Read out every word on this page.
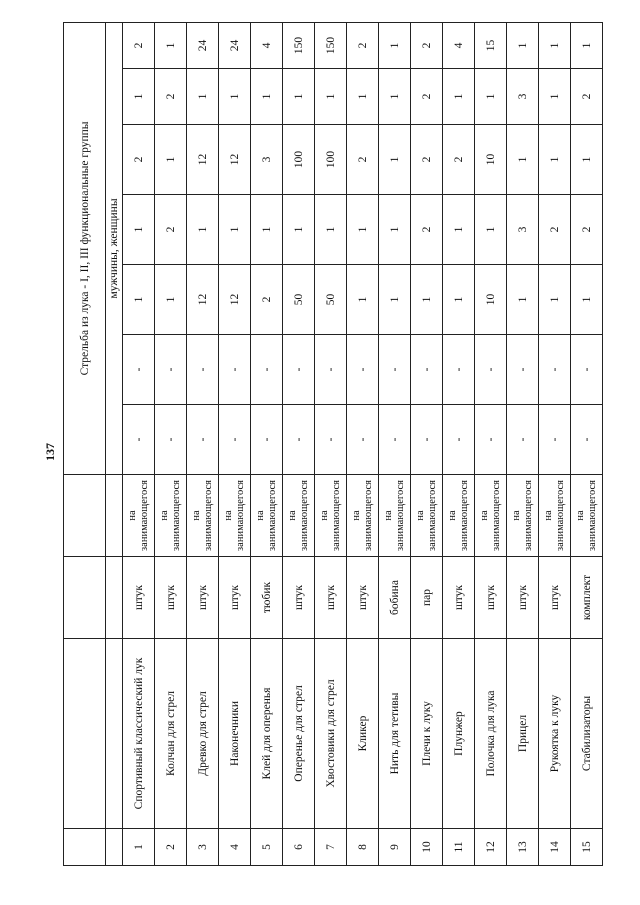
137
				Стрельба из лука - I, II, III функциональные группы						
				мужчины, женщины						
1	Спортивный классический лук	штук	на занимающегося	-	-	1	1	2	1	2
2	Колчан для стрел	штук	на занимающегося	-	-	1	2	1	2	1
3	Древко для стрел	штук	на занимающегося	-	-	12	1	12	1	24
4	Наконечники	штук	на занимающегося	-	-	12	1	12	1	24
5	Клей для оперенья	тюбик	на занимающегося	-	-	2	1	3	1	4
6	Оперенье для стрел	штук	на занимающегося	-	-	50	1	100	1	150
7	Хвостовики для стрел	штук	на занимающегося	-	-	50	1	100	1	150
8	Кликер	штук	на занимающегося	-	-	1	1	2	1	2
9	Нить для тетивы	бобина	на занимающегося	-	-	1	1	1	1	1
10	Плечи к луку	пар	на занимающегося	-	-	1	2	2	2	2
11	Плунжер	штук	на занимающегося	-	-	1	1	2	1	4
12	Полочка для лука	штук	на занимающегося	-	-	10	1	10	1	15
13	Прицел	штук	на занимающегося	-	-	1	3	1	3	1
14	Рукоятка к луку	штук	на занимающегося	-	-	1	2	1	1	1
15	Стабилизаторы	комплект	на занимающегося	-	-	1	2	1	2	1
